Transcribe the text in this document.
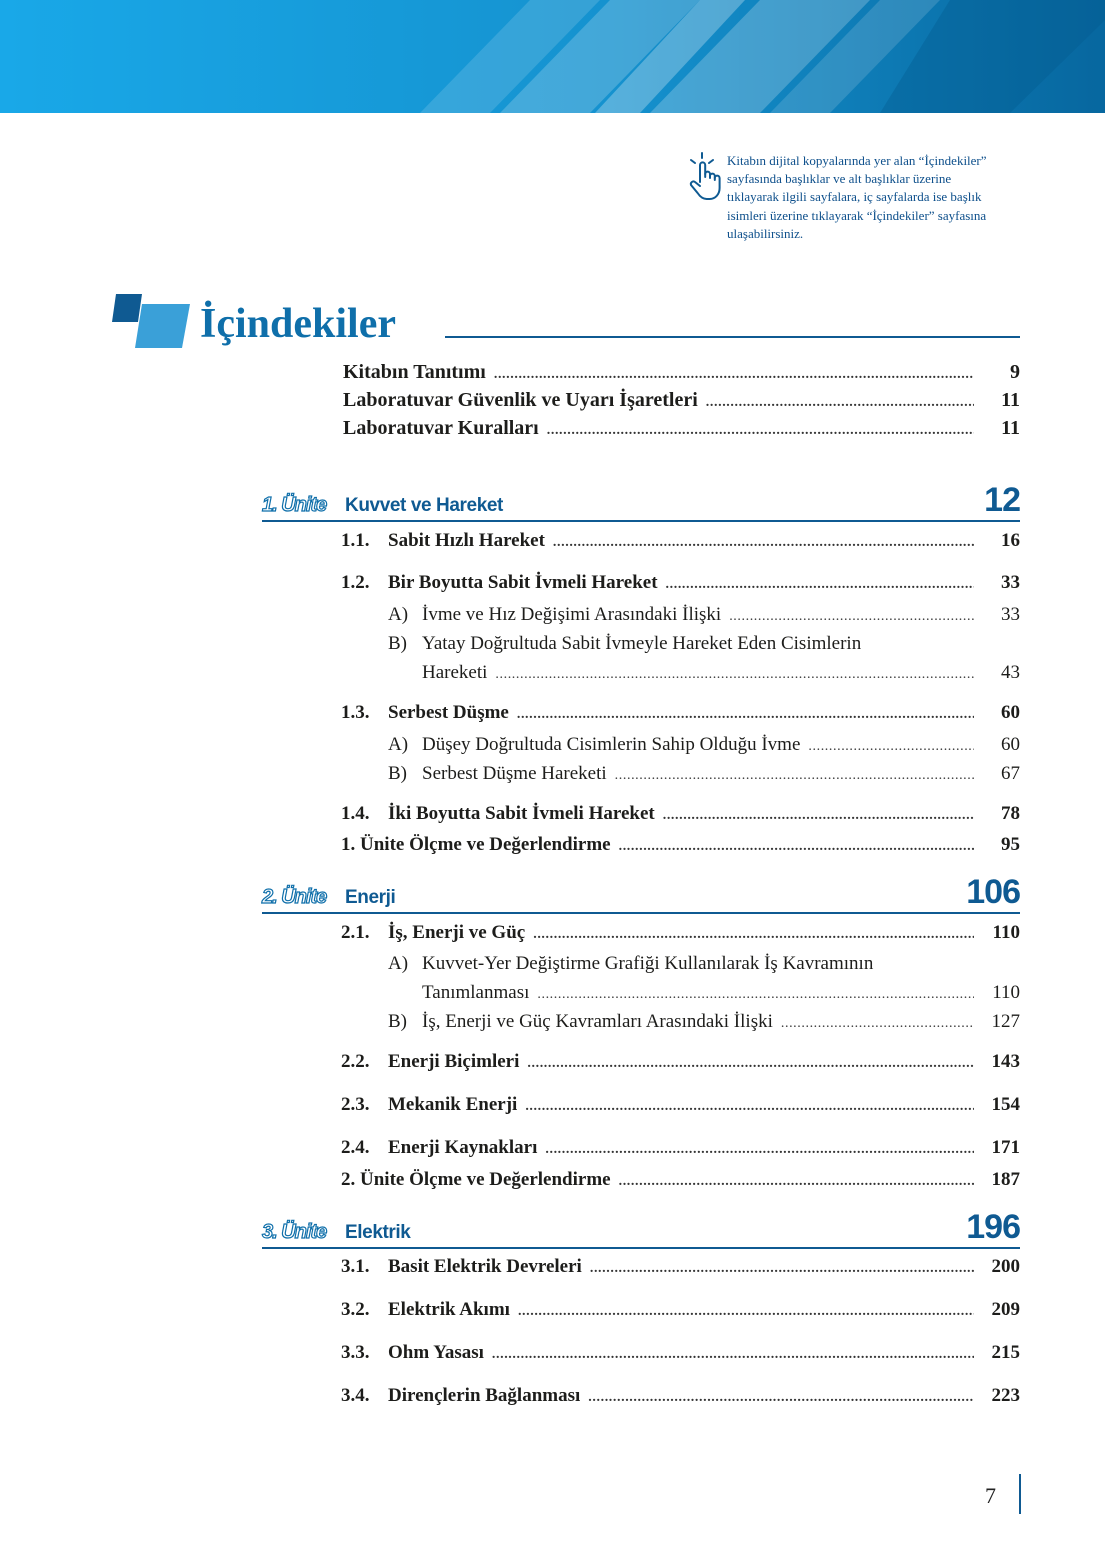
Kitabın dijital kopyalarında yer alan “İçindekiler”
sayfasında başlıklar ve alt başlıklar üzerine
tıklayarak ilgili sayfalara, iç sayfalarda ise başlık
isimleri üzerine tıklayarak “İçindekiler” sayfasına
ulaşabilirsiniz.
İçindekiler
Kitabın Tanıtımı .....	9
Laboratuvar Güvenlik ve Uyarı İşaretleri .....	11
Laboratuvar Kuralları .....	11
1. Ünite Kuvvet ve Hareket	12
1.1. Sabit Hızlı Hareket .....	16
1.2. Bir Boyutta Sabit İvmeli Hareket .....	33
A) İvme ve Hız Değişimi Arasındaki İlişki .....	33
B) Yatay Doğrultuda Sabit İvmeyle Hareket Eden Cisimlerin
Hareketi .....	43
1.3. Serbest Düşme .....	60
A) Düşey Doğrultuda Cisimlerin Sahip Olduğu İvme .....	60
B) Serbest Düşme Hareketi .....	67
1.4. İki Boyutta Sabit İvmeli Hareket .....	78
1. Ünite Ölçme ve Değerlendirme .....	95
2. Ünite Enerji	106
2.1. İş, Enerji ve Güç .....	110
A) Kuvvet-Yer Değiştirme Grafiği Kullanılarak İş Kavramının
Tanımlanması .....	110
B) İş, Enerji ve Güç Kavramları Arasındaki İlişki .....	127
2.2. Enerji Biçimleri .....	143
2.3. Mekanik Enerji .....	154
2.4. Enerji Kaynakları .....	171
2. Ünite Ölçme ve Değerlendirme .....	187
3. Ünite Elektrik	196
3.1. Basit Elektrik Devreleri .....	200
3.2. Elektrik Akımı .....	209
3.3. Ohm Yasası .....	215
3.4. Dirençlerin Bağlanması .....	223
7
